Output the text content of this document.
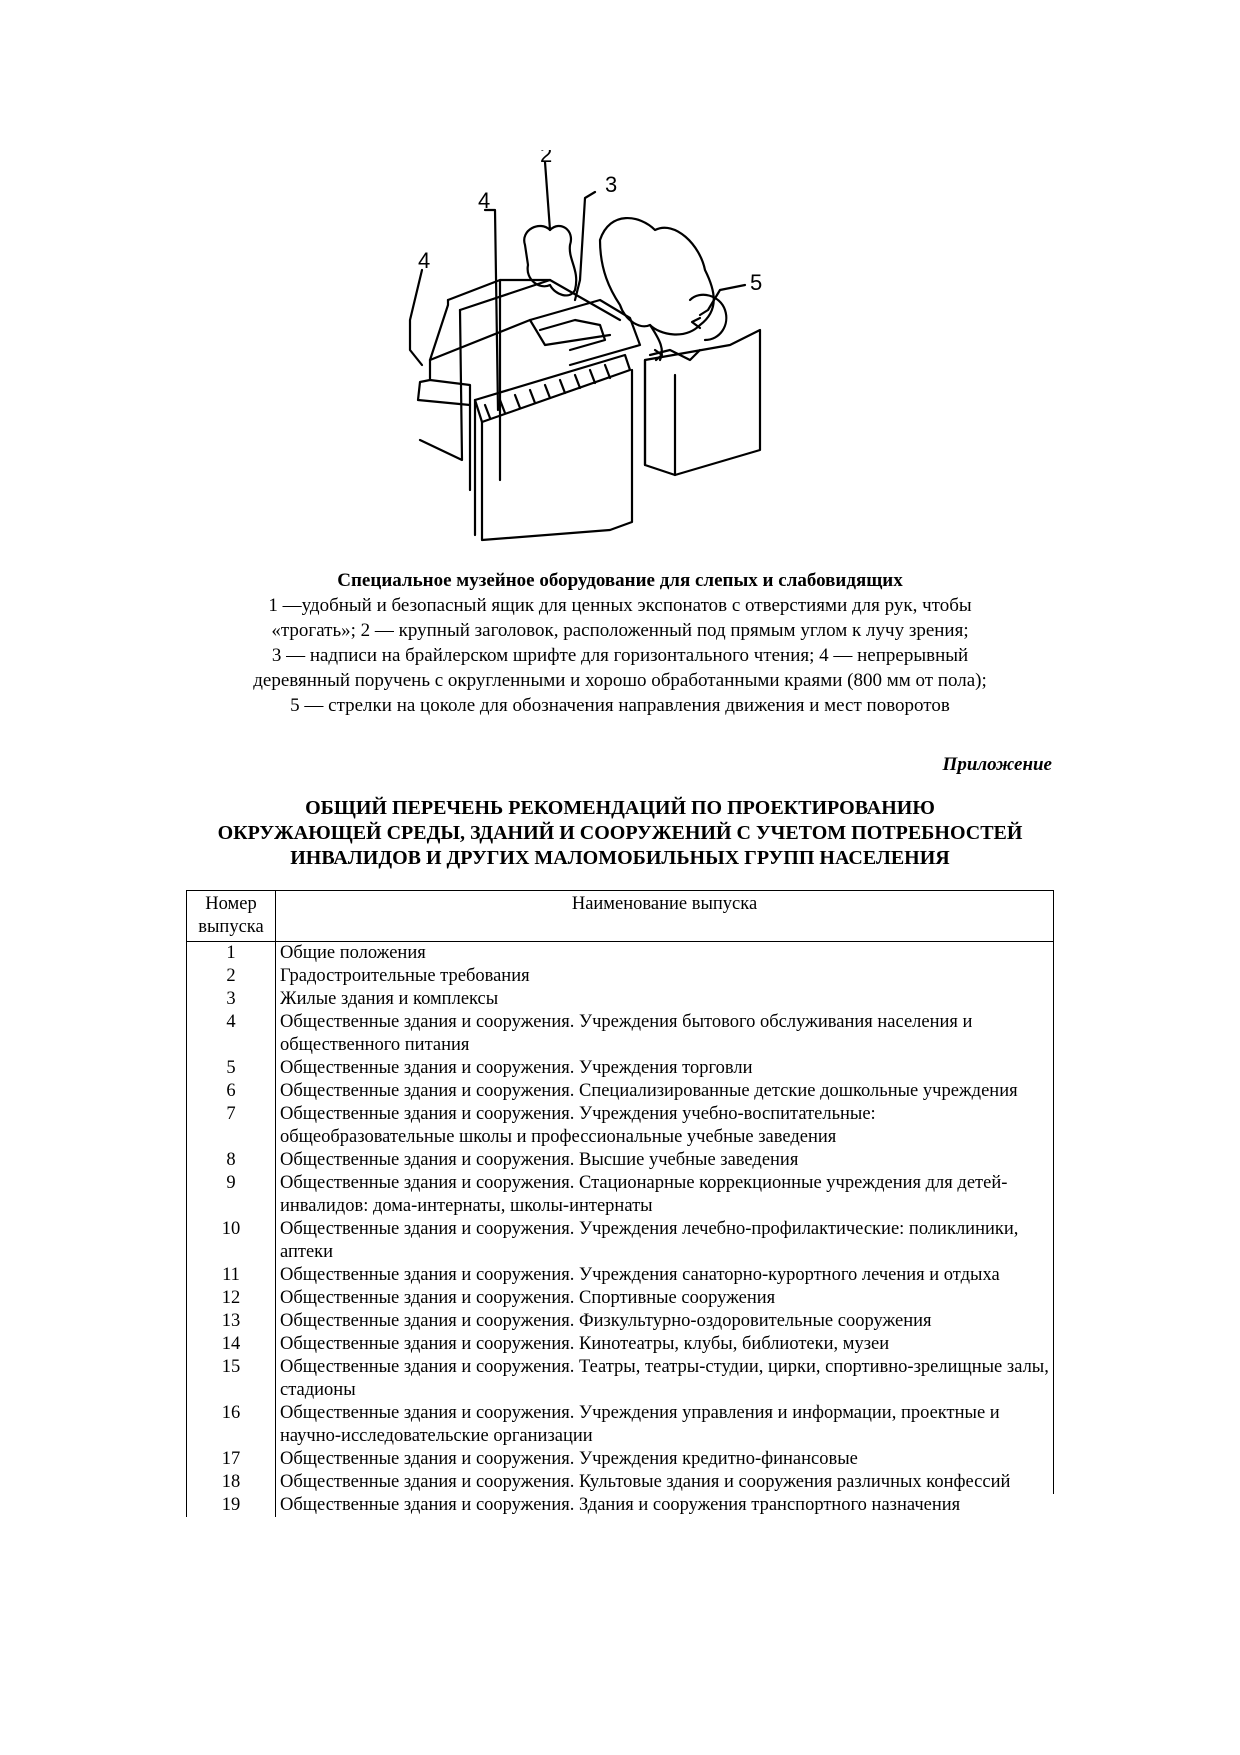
2
3
4
4
5
Специальное музейное оборудование для слепых и слабовидящих
1 —удобный и безопасный ящик для ценных экспонатов с отверстиями для рук, чтобы
«трогать»; 2 — крупный заголовок, расположенный под прямым углом к лучу зрения;
3 — надписи на брайлерском шрифте для горизонтального чтения; 4 — непрерывный
деревянный поручень с округленными и хорошо обработанными краями (800 мм от пола);
5 — стрелки на цоколе для обозначения направления движения и мест поворотов
Приложение
ОБЩИЙ ПЕРЕЧЕНЬ РЕКОМЕНДАЦИЙ ПО ПРОЕКТИРОВАНИЮ
ОКРУЖАЮЩЕЙ СРЕДЫ, ЗДАНИЙ И СООРУЖЕНИЙ С УЧЕТОМ ПОТРЕБНОСТЕЙ
ИНВАЛИДОВ И ДРУГИХ МАЛОМОБИЛЬНЫХ ГРУПП НАСЕЛЕНИЯ
Номер выпуска	Наименование выпуска
1	Общие положения
2	Градостроительные требования
3	Жилые здания и комплексы
4	Общественные здания и сооружения. Учреждения бытового обслуживания населения и общественного питания
5	Общественные здания и сооружения. Учреждения торговли
6	Общественные здания и сооружения. Специализированные детские дошкольные учреждения
7	Общественные здания и сооружения. Учреждения учебно-воспитательные: общеобразовательные школы и профессиональные учебные заведения
8	Общественные здания и сооружения. Высшие учебные заведения
9	Общественные здания и сооружения. Стационарные коррекционные учреждения для детей-инвалидов: дома-интернаты, школы-интернаты
10	Общественные здания и сооружения. Учреждения лечебно-профилактические: поликлиники, аптеки
11	Общественные здания и сооружения. Учреждения санаторно-курортного лечения и отдыха
12	Общественные здания и сооружения. Спортивные сооружения
13	Общественные здания и сооружения. Физкультурно-оздоровительные сооружения
14	Общественные здания и сооружения. Кинотеатры, клубы, библиотеки, музеи
15	Общественные здания и сооружения. Театры, театры-студии, цирки, спортивно-зрелищные залы, стадионы
16	Общественные здания и сооружения. Учреждения управления и информации, проектные и научно-исследовательские организации
17	Общественные здания и сооружения. Учреждения кредитно-финансовые
18	Общественные здания и сооружения. Культовые здания и сооружения различных конфессий
19	Общественные здания и сооружения. Здания и сооружения транспортного назначения
